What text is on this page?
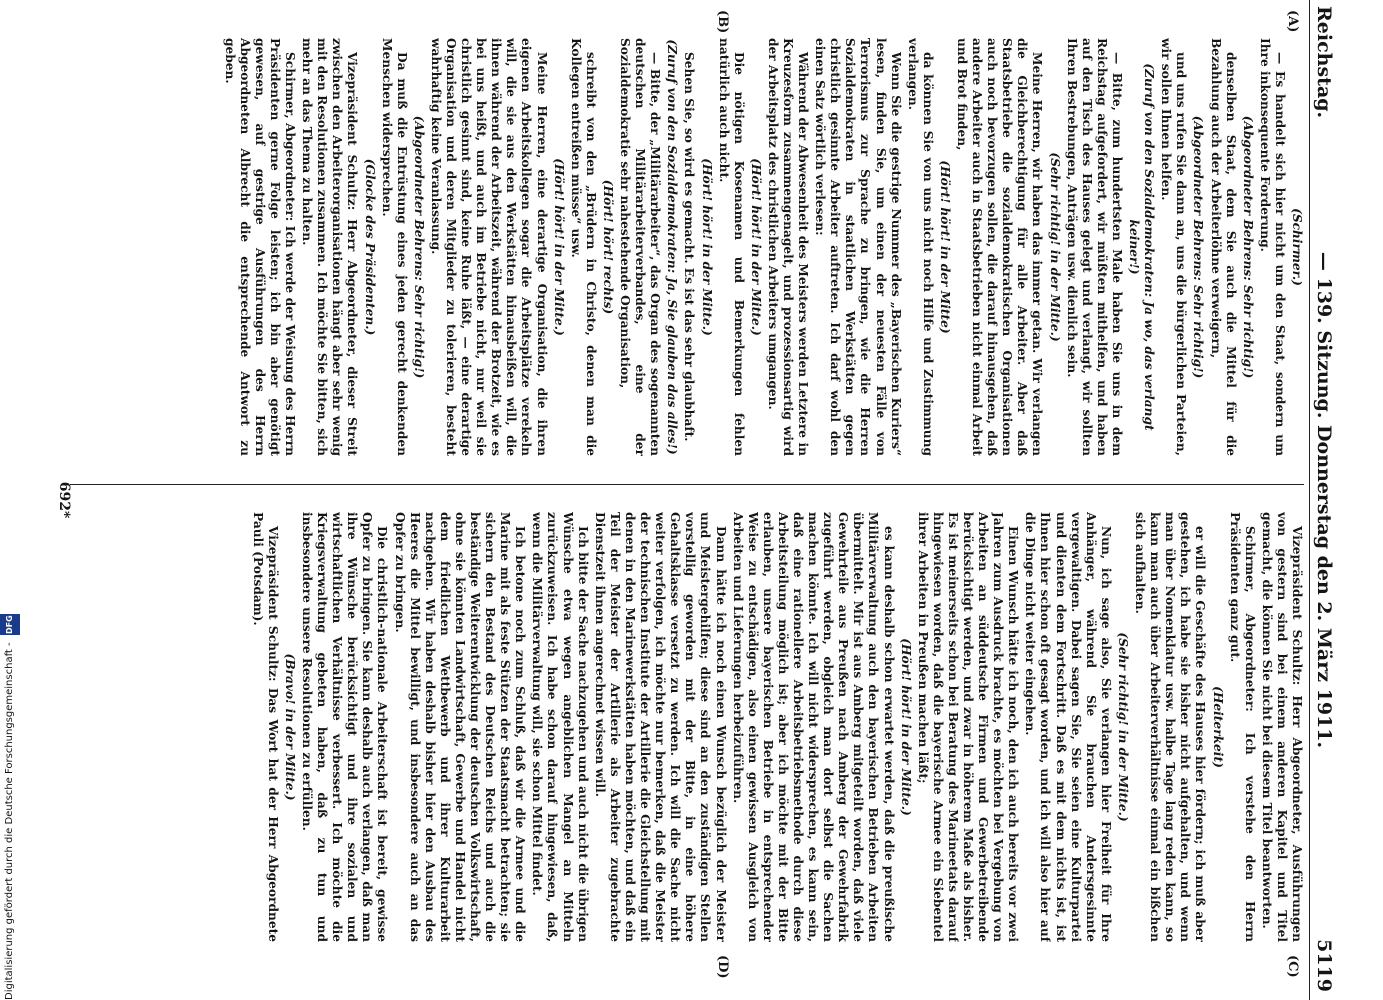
Digitalisierung gefördert durch die Deutsche Forschungsgemeinschaft - DFG
Reichstag.
— 139. Sitzung. Donnerstag den 2. März 1911.
5119
(A)
(B)
(C)
(D)

(Schirmer.)

— Es handelt sich hier nicht um den Staat, sondern um Ihre inkonsequente Forderung.

(Abgeordneter Behrens: Sehr richtig!)

denselben Staat, dem Sie auch die Mittel für die Bezahlung auch der Arbeiterlöhne verweigern,

(Abgeordneter Behrens: Sehr richtig!)

und uns rufen Sie dann an, uns die bürgerlichen Parteien, wir sollen Ihnen helfen.

(Zuruf von den Sozialdemokraten: Ja wo, das verlangt keiner!)

— Bitte, zum hundertsten Male haben Sie uns in dem Reichstag aufgefordert, wir müßten mithelfen, und haben auf den Tisch des Hauses gelegt und verlangt, wir sollten Ihren Bestrebungen, Anträgen usw. dienlich sein.

(Sehr richtig! in der Mitte.)

Meine Herren, wir haben das immer getan. Wir verlangen die Gleichberechtigung für alle Arbeiter. Aber daß Staatsbetriebe die sozialdemokratischen Organisationen auch noch bevorzugen sollen, die darauf hinausgehen, daß andere Arbeiter auch in Staatsbetrieben nicht einmal Arbeit und Brot finden,

(Hört! hört! in der Mitte)

da können Sie von uns nicht noch Hilfe und Zustimmung verlangen.

Wenn Sie die gestrige Nummer des „Bayerischen Kuriers“ lesen, finden Sie, um einen der neuesten Fälle von Terrorismus zur Sprache zu bringen, wie die Herren Sozialdemokraten in staatlichen Werkstätten gegen christlich gesinnte Arbeiter auftreten. Ich darf wohl den einen Satz wörtlich verlesen:

Während der Abwesenheit des Meisters werden Letztere in Kreuzesform zusammengenagelt, und prozessionsartig wird der Arbeitsplatz des christlichen Arbeiters umgangen.

(Hört! hört! in der Mitte.)

Die nötigen Kosenamen und Bemerkungen fehlen natürlich auch nicht.

(Hört! hört! in der Mitte.)

Sehen Sie, so wird es gemacht. Es ist das sehr glaubhaft.

(Zuruf von den Sozialdemokraten: Ja, Sie glauben das alles!)

— Bitte, der „Militärarbeiter“, das Organ des sogenannten deutschen Militärarbeiterverbandes, eine der Sozialdemokratie sehr nahestehende Organisation,

(Hört! hört! rechts)

schreibt von den „Brüdern in Christo, denen man die Kollegen entreißen müsse“ usw.

(Hört! hört! in der Mitte.)

Meine Herren, eine derartige Organisation, die ihren eigenen Arbeitskollegen sogar die Arbeitsplätze verekeln will, die sie aus den Werkstätten hinausbeißen will, die ihnen während der Arbeitszeit, während der Brotzeit, wie es bei uns heißt, und auch im Betriebe nicht, nur weil sie christlich gesinnt sind, keine Ruhe läßt, — eine derartige Organisation und deren Mitglieder zu tolerieren, besteht wahrhaftig keine Veranlassung.

(Abgeordneter Behrens: Sehr richtig!)

Da muß die Entrüstung eines jeden gerecht denkenden Menschen widersprechen.

(Glocke des Präsidenten.)

Vizepräsident Schultz: Herr Abgeordneter, dieser Streit zwischen den Arbeiterorganisationen hängt aber sehr wenig mit den Resolutionen zusammen. Ich möchte Sie bitten, sich mehr an das Thema zu halten.

Schirmer, Abgeordneter: Ich werde der Weisung des Herrn Präsidenten gerne Folge leisten; ich bin aber genötigt gewesen, auf gestrige Ausführungen des Herrn Abgeordneten Albrecht die entsprechende Antwort zu geben.

Vizepräsident Schultz: Herr Abgeordneter, Ausführungen von gestern sind bei einem anderen Kapitel und Titel gemacht, die können Sie nicht bei diesem Titel beantworten.

Schirmer, Abgeordneter: Ich verstehe den Herrn Präsidenten ganz gut.

(Heiterkeit)

er will die Geschäfte des Hauses hier fördern; ich muß aber gestehen, ich habe sie bisher nicht aufgehalten, und wenn man über Nomenklatur usw. halbe Tage lang reden kann, so kann man auch über Arbeiterverhältnisse einmal ein bißchen sich aufhalten.

(Sehr richtig! in der Mitte.)

Nun, ich sage also, Sie verlangen hier Freiheit für Ihre Anhänger, während Sie brauchen Andersgesinnte vergewaltigen. Dabei sagen Sie, Sie seien eine Kulturpartei und dienten dem Fortschritt. Daß es mit dem nichts ist, ist Ihnen hier schon oft gesagt worden, und ich will also hier auf die Dinge nicht weiter eingehen.

Einen Wunsch hätte ich noch, den ich auch bereits vor zwei Jahren zum Ausdruck brachte, es möchten bei Vergebung von Arbeiten an süddeutsche Firmen und Gewerbetreibende berücksichtigt werden, und zwar in höherem Maße als bisher. Es ist meinerseits schon bei Beratung des Marineetats darauf hingewiesen worden, daß die bayerische Armee ein Siebentel ihrer Arbeiten in Preußen machen läßt;

(Hört! hört! in der Mitte.)

es kann deshalb schon erwartet werden, daß die preußische Militärverwaltung auch den bayerischen Betrieben Arbeiten übermittelt. Mir ist aus Amberg mitgeteilt worden, daß viele Gewehrteile aus Preußen nach Amberg der Gewehrfabrik zugeführt werden, obgleich man dort selbst die Sachen machen könnte. Ich will nicht widersprechen, es kann sein, daß eine rationellere Arbeitsbetriebsmethode durch diese Arbeitsteilung möglich ist; aber ich möchte mit der Bitte erlauben, unsere bayerischen Betriebe in entsprechender Weise zu entschädigen, also einen gewissen Ausgleich von Arbeiten und Lieferungen herbeizuführen.

Dann hätte ich noch einen Wunsch bezüglich der Meister und Meistergehilfen; diese sind an den zuständigen Stellen vorstellig geworden mit der Bitte, in eine höhere Gehaltsklasse versetzt zu werden. Ich will die Sache nicht weiter verfolgen, ich möchte nur bemerken, daß die Meister der technischen Institute der Artillerie die Gleichstellung mit denen in den Marinewerkstätten haben möchten, und daß ein Teil der Meister der Artillerie als Arbeiter zugebrachte Dienstzeit ihnen angerechnet wissen will.

Ich bitte der Sache nachzugehen und auch nicht die übrigen Wünsche etwa wegen angeblichen Mangel an Mitteln zurückzuweisen. Ich habe schon darauf hingewiesen, daß, wenn die Militärverwaltung will, sie schon Mittel findet.

Ich betone noch zum Schluß, daß wir die Armee und die Marine mit als feste Stützen der Staatsmacht betrachten; sie sichern den Bestand des Deutschen Reichs und auch die beständige Weiterentwicklung der deutschen Volkswirtschaft, ohne sie könnten Landwirtschaft, Gewerbe und Handel nicht dem friedlichen Wettbewerb und ihrer Kulturarbeit nachgehen. Wir haben deshalb bisher hier den Ausbau des Heeres die Mittel bewilligt, und insbesondere auch an das Opfer zu bringen.

Die christlich-nationale Arbeiterschaft ist bereit, gewisse Opfer zu bringen. Sie kann deshalb auch verlangen, daß man ihre Wünsche berücksichtigt und ihre sozialen und wirtschaftlichen Verhältnisse verbessert. Ich möchte die Kriegsverwaltung gebeten haben, daß zu tun und insbesondere unsere Resolutionen zu erfüllen.

(Bravo! in der Mitte.)

Vizepräsident Schultz: Das Wort hat der Herr Abgeordnete Pauli (Potsdam).

692*
